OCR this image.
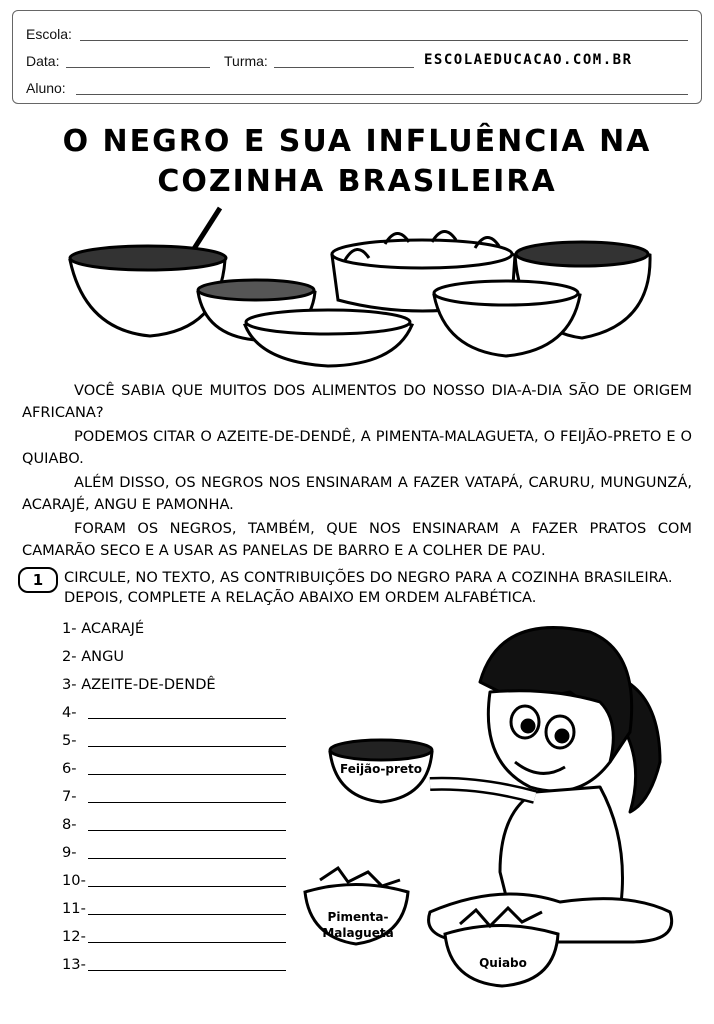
Escola:
Data:	Turma:	ESCOLAEDUCACAO.COM.BR
Aluno:
O NEGRO E SUA INFLUÊNCIA NA
COZINHA BRASILEIRA
VOCÊ SABIA QUE MUITOS DOS ALIMENTOS DO NOSSO DIA-A-DIA SÃO DE ORIGEM AFRICANA?
PODEMOS CITAR O AZEITE-DE-DENDÊ, A PIMENTA-MALAGUETA, O FEIJÃO-PRETO E O QUIABO.
ALÉM DISSO, OS NEGROS NOS ENSINARAM A FAZER VATAPÁ, CARURU, MUNGUNZÁ, ACARAJÉ, ANGU E PAMONHA.
FORAM OS NEGROS, TAMBÉM, QUE NOS ENSINARAM A FAZER PRATOS COM CAMARÃO SECO E A USAR AS PANELAS DE BARRO E A COLHER DE PAU.
1	CIRCULE, NO TEXTO, AS CONTRIBUIÇÕES DO NEGRO PARA A COZINHA BRASILEIRA. DEPOIS, COMPLETE A RELAÇÃO ABAIXO EM ORDEM ALFABÉTICA.
1- ACARAJÉ
2- ANGU
3- AZEITE-DE-DENDÊ
4-
5-
6-
7-
8-
9-
10-
11-
12-
13-
Feijão-preto
Pimenta-
Malagueta
Quiabo
